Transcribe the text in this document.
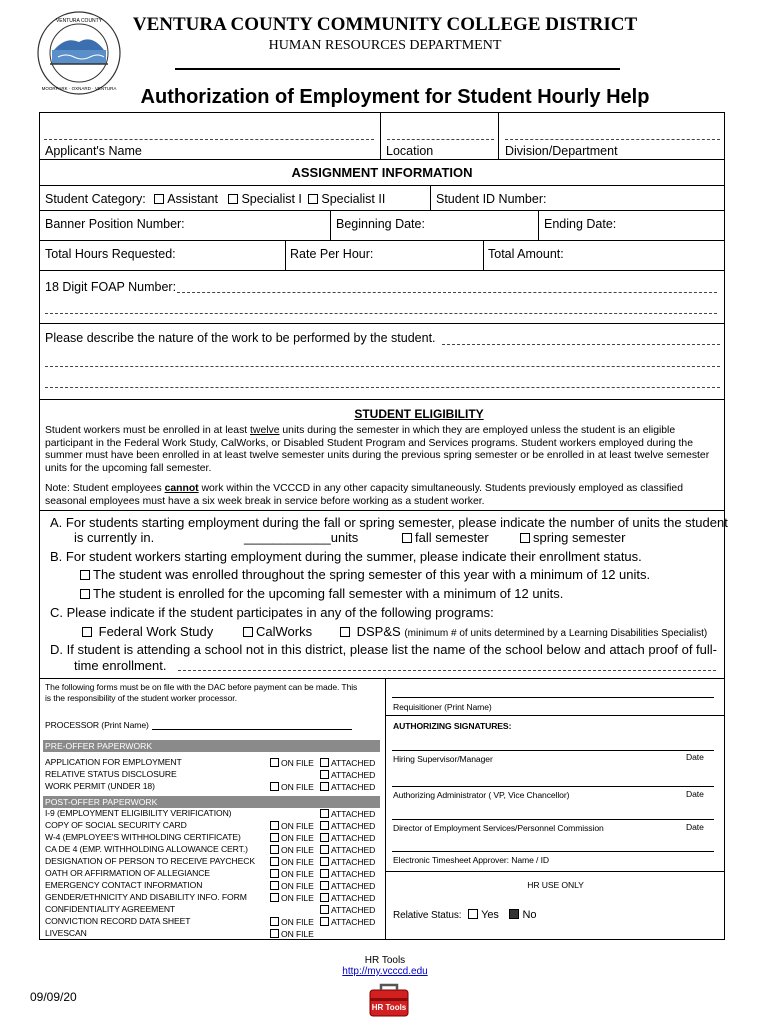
VENTURA COUNTY
MOORPARK · OXNARD · VENTURA
VENTURA COUNTY COMMUNITY COLLEGE DISTRICT
HUMAN RESOURCES DEPARTMENT
Authorization of Employment for Student Hourly Help
Applicant's Name	Location	Division/Department
ASSIGNMENT INFORMATION
Student Category: Assistant Specialist I Specialist II	Student ID Number:
Banner Position Number:	Beginning Date:	Ending Date:
Total Hours Requested:	Rate Per Hour:	Total Amount:
18 Digit FOAP Number:
Please describe the nature of the work to be performed by the student.
STUDENT ELIGIBILITY
Student workers must be enrolled in at least twelve units during the semester in which they are employed unless the student is an eligible participant in the Federal Work Study, CalWorks, or Disabled Student Program and Services programs. Student workers employed during the summer must have been enrolled in at least twelve semester units during the previous spring semester or be enrolled in at least twelve semester units for the upcoming fall semester.
Note: Student employees cannot work within the VCCCD in any other capacity simultaneously. Students previously employed as classified seasonal employees must have a six week break in service before working as a student worker.
A. For students starting employment during the fall or spring semester, please indicate the number of units the student
is currently in.	____________units	fall semester	spring semester
B. For student workers starting employment during the summer, please indicate their enrollment status.
The student was enrolled throughout the spring semester of this year with a minimum of 12 units.
The student is enrolled for the upcoming fall semester with a minimum of 12 units.
C. Please indicate if the student participates in any of the following programs:
Federal Work Study	CalWorks	DSP&S (minimum # of units determined by a Learning Disabilities Specialist)
D. If student is attending a school not in this district, please list the name of the school below and attach proof of full-
time enrollment.
The following forms must be on file with the DAC before payment can be made. This
is the responsibility of the student worker processor.
PROCESSOR (Print Name)
PRE-OFFER PAPERWORK
APPLICATION FOR EMPLOYMENT	ON FILE	ATTACHED
RELATIVE STATUS DISCLOSURE	ATTACHED
WORK PERMIT (UNDER 18)	ON FILE	ATTACHED
POST-OFFER PAPERWORK
I-9 (EMPLOYMENT ELIGIBILITY VERIFICATION)	ATTACHED
COPY OF SOCIAL SECURITY CARD	ON FILE	ATTACHED
W-4 (EMPLOYEE'S WITHHOLDING CERTIFICATE)	ON FILE	ATTACHED
CA DE 4 (EMP. WITHHOLDING ALLOWANCE CERT.)	ON FILE	ATTACHED
DESIGNATION OF PERSON TO RECEIVE PAYCHECK	ON FILE	ATTACHED
OATH OR AFFIRMATION OF ALLEGIANCE	ON FILE	ATTACHED
EMERGENCY CONTACT INFORMATION	ON FILE	ATTACHED
GENDER/ETHNICITY AND DISABILITY INFO. FORM	ON FILE	ATTACHED
CONFIDENTIALITY AGREEMENT	ATTACHED
CONVICTION RECORD DATA SHEET	ON FILE	ATTACHED
LIVESCAN	ON FILE
Requisitioner (Print Name)
AUTHORIZING SIGNATURES:
Hiring Supervisor/Manager	Date
Authorizing Administrator ( VP, Vice Chancellor)	Date
Director of Employment Services/Personnel Commission	Date
Electronic Timesheet Approver: Name / ID
HR USE ONLY
Relative Status: Yes No
HR Tools
http://my.vcccd.edu
09/09/20
HR Tools
